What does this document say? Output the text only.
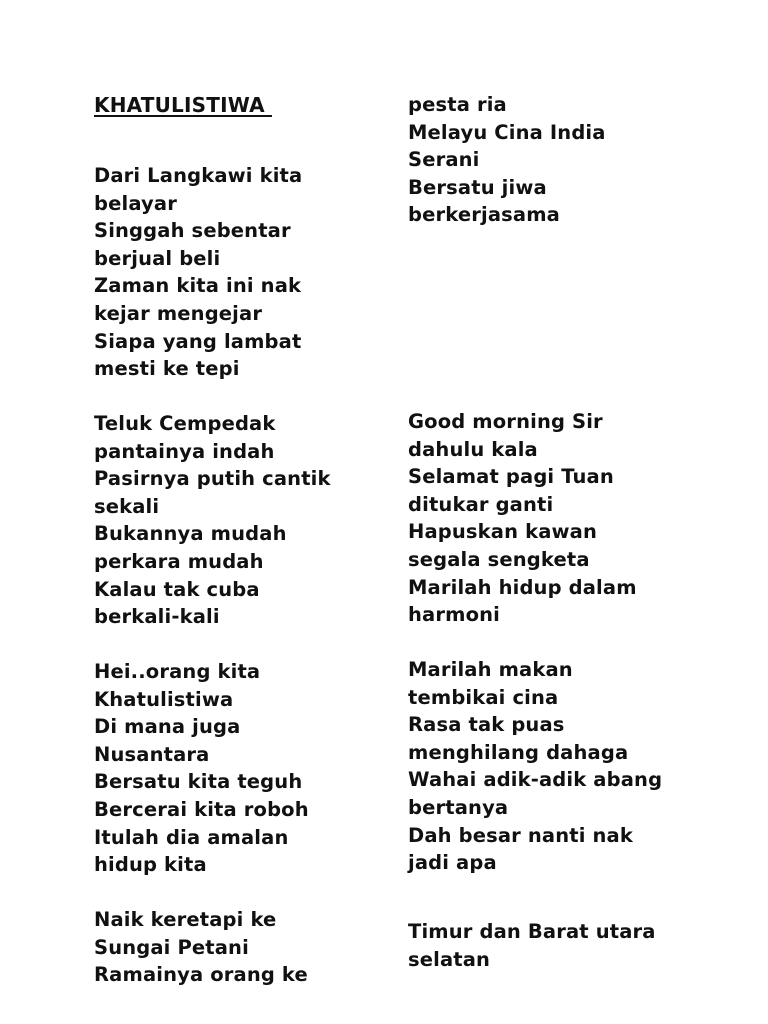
KHATULISTIWA
Dari Langkawi kita
belayar
Singgah sebentar
berjual beli
Zaman kita ini nak
kejar mengejar
Siapa yang lambat
mesti ke tepi
Teluk Cempedak
pantainya indah
Pasirnya putih cantik
sekali
Bukannya mudah
perkara mudah
Kalau tak cuba
berkali-kali
Hei..orang kita
Khatulistiwa
Di mana juga
Nusantara
Bersatu kita teguh
Bercerai kita roboh
Itulah dia amalan
hidup kita
Naik keretapi ke
Sungai Petani
Ramainya orang ke
pesta ria
Melayu Cina India
Serani
Bersatu jiwa
berkerjasama
Good morning Sir
dahulu kala
Selamat pagi Tuan
ditukar ganti
Hapuskan kawan
segala sengketa
Marilah hidup dalam
harmoni
Marilah makan
tembikai cina
Rasa tak puas
menghilang dahaga
Wahai adik-adik abang
bertanya
Dah besar nanti nak
jadi apa
Timur dan Barat utara
selatan
